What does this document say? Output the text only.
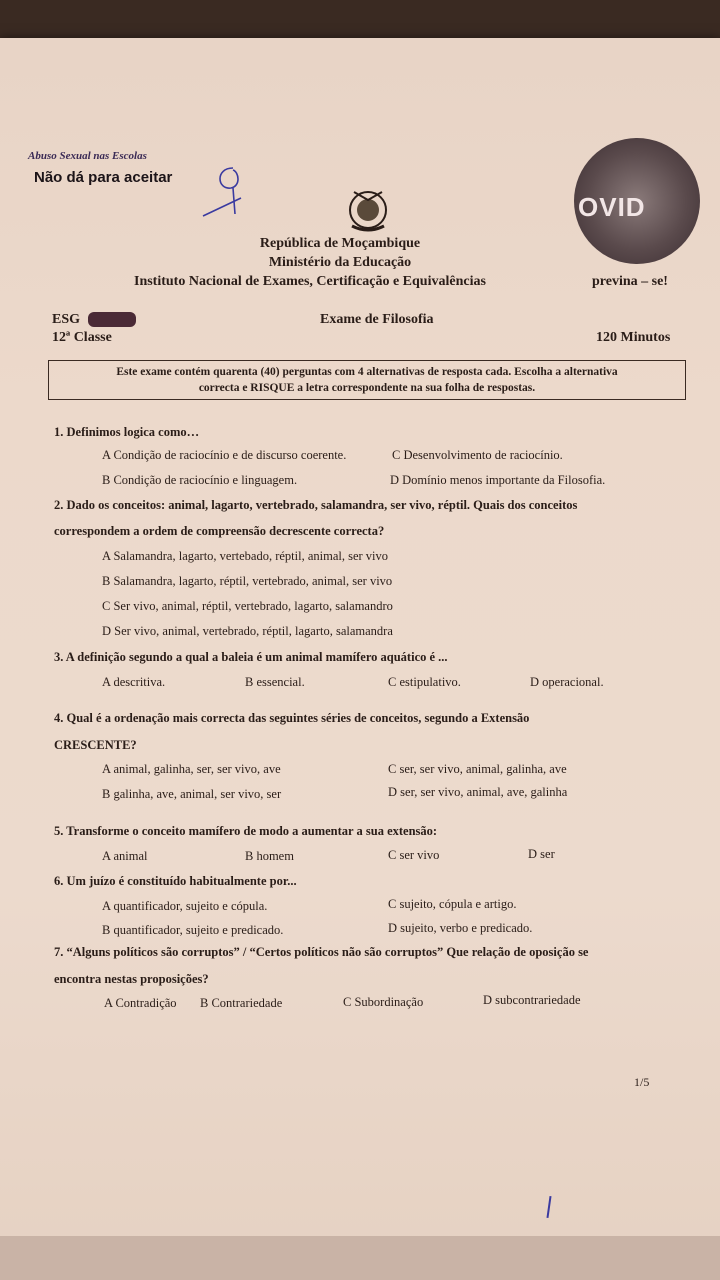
Abuso Sexual nas Escolas
Não dá para aceitar
República de Moçambique
Ministério da Educação
Instituto Nacional de Exames, Certificação e Equivalências
OVID
previna – se!
ESG
12ª Classe
Exame de Filosofia
120 Minutos
Este exame contém quarenta (40) perguntas com 4 alternativas de resposta cada. Escolha a alternativa
correcta e RISQUE a letra correspondente na sua folha de respostas.
1. Definimos logica como…
A Condição de raciocínio e de discurso coerente.	C Desenvolvimento de raciocínio.
B Condição de raciocínio e linguagem.	D Domínio menos importante da Filosofia.
2. Dado os conceitos: animal, lagarto, vertebrado, salamandra, ser vivo, réptil. Quais dos conceitos
correspondem a ordem de compreensão decrescente correcta?
A Salamandra, lagarto, vertebado, réptil, animal, ser vivo
B Salamandra, lagarto, réptil, vertebrado, animal, ser vivo
C Ser vivo, animal, réptil, vertebrado, lagarto, salamandro
D Ser vivo, animal, vertebrado, réptil, lagarto, salamandra
3. A definição segundo a qual a baleia é um animal mamífero aquático é ...
A descritiva.	B essencial.	C estipulativo.	D operacional.
4. Qual é a ordenação mais correcta das seguintes séries de conceitos, segundo a Extensão
CRESCENTE?
A animal, galinha, ser, ser vivo, ave	C ser, ser vivo, animal, galinha, ave
B galinha, ave, animal, ser vivo, ser	D ser, ser vivo, animal, ave, galinha
5. Transforme o conceito mamífero de modo a aumentar a sua extensão:
A animal	B homem	C ser vivo	D ser
6. Um juízo é constituído habitualmente por...
A quantificador, sujeito e cópula.	C sujeito, cópula e artigo.
B quantificador, sujeito e predicado.	D sujeito, verbo e predicado.
7. “Alguns políticos são corruptos” / “Certos políticos não são corruptos” Que relação de oposição se
encontra nestas proposições?
A Contradição B Contrariedade	C Subordinação	D subcontrariedade
1/5
